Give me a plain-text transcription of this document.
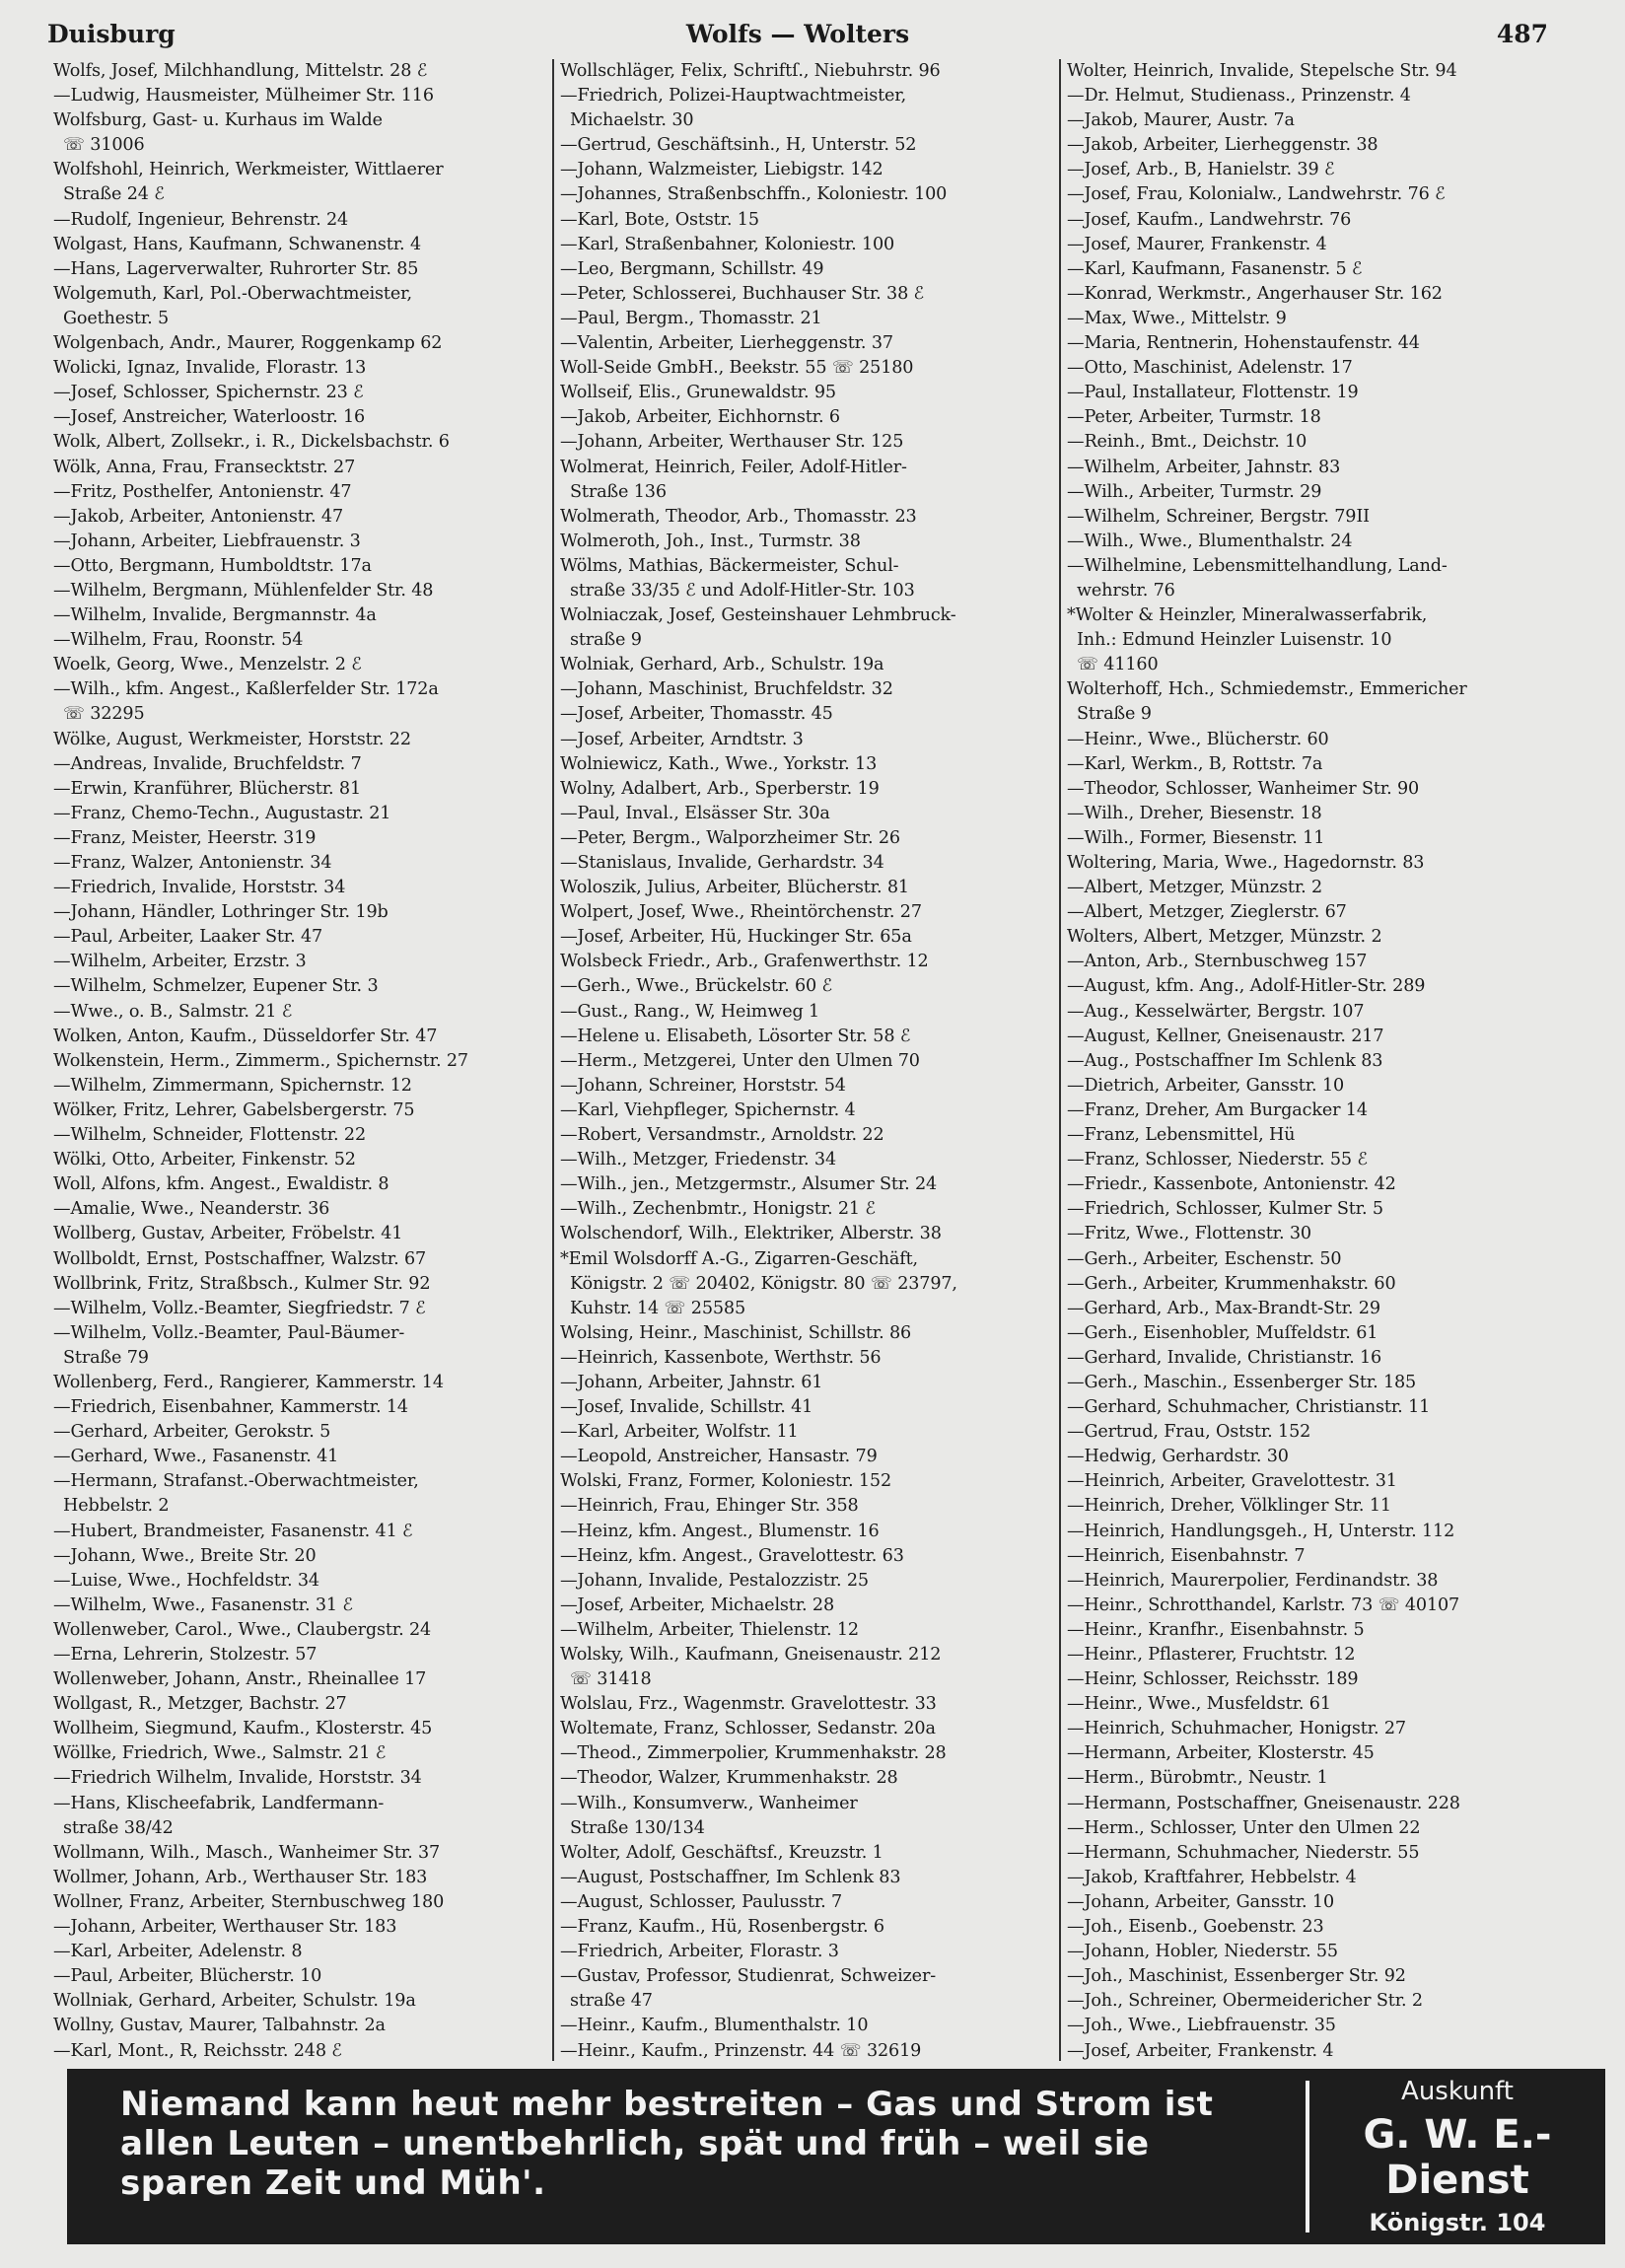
Duisburg	Wolfs — Wolters	487

Wolfs, Josef, Milchhandlung, Mittelstr. 28 ℰ

—Ludwig, Hausmeister, Mülheimer Str. 116

Wolfsburg, Gast- u. Kurhaus im Walde

☏ 31006

Wolfshohl, Heinrich, Werkmeister, Wittlaerer

Straße 24 ℰ

—Rudolf, Ingenieur, Behrenstr. 24

Wolgast, Hans, Kaufmann, Schwanenstr. 4

—Hans, Lagerverwalter, Ruhrorter Str. 85

Wolgemuth, Karl, Pol.-Oberwachtmeister,

Goethestr. 5

Wolgenbach, Andr., Maurer, Roggenkamp 62

Wolicki, Ignaz, Invalide, Florastr. 13

—Josef, Schlosser, Spichernstr. 23 ℰ

—Josef, Anstreicher, Waterloostr. 16

Wolk, Albert, Zollsekr., i. R., Dickelsbachstr. 6

Wölk, Anna, Frau, Fransecktstr. 27

—Fritz, Posthelfer, Antonienstr. 47

—Jakob, Arbeiter, Antonienstr. 47

—Johann, Arbeiter, Liebfrauenstr. 3

—Otto, Bergmann, Humboldtstr. 17a

—Wilhelm, Bergmann, Mühlenfelder Str. 48

—Wilhelm, Invalide, Bergmannstr. 4a

—Wilhelm, Frau, Roonstr. 54

Woelk, Georg, Wwe., Menzelstr. 2 ℰ

—Wilh., kfm. Angest., Kaßlerfelder Str. 172a

☏ 32295

Wölke, August, Werkmeister, Horststr. 22

—Andreas, Invalide, Bruchfeldstr. 7

—Erwin, Kranführer, Blücherstr. 81

—Franz, Chemo-Techn., Augustastr. 21

—Franz, Meister, Heerstr. 319

—Franz, Walzer, Antonienstr. 34

—Friedrich, Invalide, Horststr. 34

—Johann, Händler, Lothringer Str. 19b

—Paul, Arbeiter, Laaker Str. 47

—Wilhelm, Arbeiter, Erzstr. 3

—Wilhelm, Schmelzer, Eupener Str. 3

—Wwe., o. B., Salmstr. 21 ℰ

Wolken, Anton, Kaufm., Düsseldorfer Str. 47

Wolkenstein, Herm., Zimmerm., Spichernstr. 27

—Wilhelm, Zimmermann, Spichernstr. 12

Wölker, Fritz, Lehrer, Gabelsbergerstr. 75

—Wilhelm, Schneider, Flottenstr. 22

Wölki, Otto, Arbeiter, Finkenstr. 52

Woll, Alfons, kfm. Angest., Ewaldistr. 8

—Amalie, Wwe., Neanderstr. 36

Wollberg, Gustav, Arbeiter, Fröbelstr. 41

Wollboldt, Ernst, Postschaffner, Walzstr. 67

Wollbrink, Fritz, Straßbsch., Kulmer Str. 92

—Wilhelm, Vollz.-Beamter, Siegfriedstr. 7 ℰ

—Wilhelm, Vollz.-Beamter, Paul-Bäumer-

Straße 79

Wollenberg, Ferd., Rangierer, Kammerstr. 14

—Friedrich, Eisenbahner, Kammerstr. 14

—Gerhard, Arbeiter, Gerokstr. 5

—Gerhard, Wwe., Fasanenstr. 41

—Hermann, Strafanst.-Oberwachtmeister,

Hebbelstr. 2

—Hubert, Brandmeister, Fasanenstr. 41 ℰ

—Johann, Wwe., Breite Str. 20

—Luise, Wwe., Hochfeldstr. 34

—Wilhelm, Wwe., Fasanenstr. 31 ℰ

Wollenweber, Carol., Wwe., Claubergstr. 24

—Erna, Lehrerin, Stolzestr. 57

Wollenweber, Johann, Anstr., Rheinallee 17

Wollgast, R., Metzger, Bachstr. 27

Wollheim, Siegmund, Kaufm., Klosterstr. 45

Wöllke, Friedrich, Wwe., Salmstr. 21 ℰ

—Friedrich Wilhelm, Invalide, Horststr. 34

—Hans, Klischeefabrik, Landfermann-

straße 38/42

Wollmann, Wilh., Masch., Wanheimer Str. 37

Wollmer, Johann, Arb., Werthauser Str. 183

Wollner, Franz, Arbeiter, Sternbuschweg 180

—Johann, Arbeiter, Werthauser Str. 183

—Karl, Arbeiter, Adelenstr. 8

—Paul, Arbeiter, Blücherstr. 10

Wollniak, Gerhard, Arbeiter, Schulstr. 19a

Wollny, Gustav, Maurer, Talbahnstr. 2a

—Karl, Mont., R, Reichsstr. 248 ℰ

Wollschläger, Felix, Schriftſ., Niebuhrstr. 96

—Friedrich, Polizei-Hauptwachtmeister,

Michaelstr. 30

—Gertrud, Geschäftsinh., H, Unterstr. 52

—Johann, Walzmeister, Liebigstr. 142

—Johannes, Straßenbschffn., Koloniestr. 100

—Karl, Bote, Oststr. 15

—Karl, Straßenbahner, Koloniestr. 100

—Leo, Bergmann, Schillstr. 49

—Peter, Schlosserei, Buchhauser Str. 38 ℰ

—Paul, Bergm., Thomasstr. 21

—Valentin, Arbeiter, Lierheggenstr. 37

Woll-Seide GmbH., Beekstr. 55 ☏ 25180

Wollseif, Elis., Grunewaldstr. 95

—Jakob, Arbeiter, Eichhornstr. 6

—Johann, Arbeiter, Werthauser Str. 125

Wolmerat, Heinrich, Feiler, Adolf-Hitler-

Straße 136

Wolmerath, Theodor, Arb., Thomasstr. 23

Wolmeroth, Joh., Inst., Turmstr. 38

Wölms, Mathias, Bäckermeister, Schul-

straße 33/35 ℰ und Adolf-Hitler-Str. 103

Wolniaczak, Josef, Gesteinshauer Lehmbruck-

straße 9

Wolniak, Gerhard, Arb., Schulstr. 19a

—Johann, Maschinist, Bruchfeldstr. 32

—Josef, Arbeiter, Thomasstr. 45

—Josef, Arbeiter, Arndtstr. 3

Wolniewicz, Kath., Wwe., Yorkstr. 13

Wolny, Adalbert, Arb., Sperberstr. 19

—Paul, Inval., Elsässer Str. 30a

—Peter, Bergm., Walporzheimer Str. 26

—Stanislaus, Invalide, Gerhardstr. 34

Woloszik, Julius, Arbeiter, Blücherstr. 81

Wolpert, Josef, Wwe., Rheintörchenstr. 27

—Josef, Arbeiter, Hü, Huckinger Str. 65a

Wolsbeck Friedr., Arb., Grafenwerthstr. 12

—Gerh., Wwe., Brückelstr. 60 ℰ

—Gust., Rang., W, Heimweg 1

—Helene u. Elisabeth, Lösorter Str. 58 ℰ

—Herm., Metzgerei, Unter den Ulmen 70

—Johann, Schreiner, Horststr. 54

—Karl, Viehpfleger, Spichernstr. 4

—Robert, Versandmstr., Arnoldstr. 22

—Wilh., Metzger, Friedenstr. 34

—Wilh., jen., Metzgermstr., Alsumer Str. 24

—Wilh., Zechenbmtr., Honigstr. 21 ℰ

Wolschendorf, Wilh., Elektriker, Alberstr. 38

*Emil Wolsdorff A.-G., Zigarren-Geschäft,

Königstr. 2 ☏ 20402, Königstr. 80 ☏ 23797,

Kuhstr. 14 ☏ 25585

Wolsing, Heinr., Maschinist, Schillstr. 86

—Heinrich, Kassenbote, Werthstr. 56

—Johann, Arbeiter, Jahnstr. 61

—Josef, Invalide, Schillstr. 41

—Karl, Arbeiter, Wolfstr. 11

—Leopold, Anstreicher, Hansastr. 79

Wolski, Franz, Former, Koloniestr. 152

—Heinrich, Frau, Ehinger Str. 358

—Heinz, kfm. Angest., Blumenstr. 16

—Heinz, kfm. Angest., Gravelottestr. 63

—Johann, Invalide, Pestalozzistr. 25

—Josef, Arbeiter, Michaelstr. 28

—Wilhelm, Arbeiter, Thielenstr. 12

Wolsky, Wilh., Kaufmann, Gneisenaustr. 212

☏ 31418

Wolslau, Frz., Wagenmstr. Gravelottestr. 33

Woltemate, Franz, Schlosser, Sedanstr. 20a

—Theod., Zimmerpolier, Krummenhakstr. 28

—Theodor, Walzer, Krummenhakstr. 28

—Wilh., Konsumverw., Wanheimer

Straße 130/134

Wolter, Adolf, Geschäftsf., Kreuzstr. 1

—August, Postschaffner, Im Schlenk 83

—August, Schlosser, Paulusstr. 7

—Franz, Kaufm., Hü, Rosenbergstr. 6

—Friedrich, Arbeiter, Florastr. 3

—Gustav, Professor, Studienrat, Schweizer-

straße 47

—Heinr., Kaufm., Blumenthalstr. 10

—Heinr., Kaufm., Prinzenstr. 44 ☏ 32619

Wolter, Heinrich, Invalide, Stepelsche Str. 94

—Dr. Helmut, Studienass., Prinzenstr. 4

—Jakob, Maurer, Austr. 7a

—Jakob, Arbeiter, Lierheggenstr. 38

—Josef, Arb., B, Hanielstr. 39 ℰ

—Josef, Frau, Kolonialw., Landwehrstr. 76 ℰ

—Josef, Kaufm., Landwehrstr. 76

—Josef, Maurer, Frankenstr. 4

—Karl, Kaufmann, Fasanenstr. 5 ℰ

—Konrad, Werkmstr., Angerhauser Str. 162

—Max, Wwe., Mittelstr. 9

—Maria, Rentnerin, Hohenstaufenstr. 44

—Otto, Maschinist, Adelenstr. 17

—Paul, Installateur, Flottenstr. 19

—Peter, Arbeiter, Turmstr. 18

—Reinh., Bmt., Deichstr. 10

—Wilhelm, Arbeiter, Jahnstr. 83

—Wilh., Arbeiter, Turmstr. 29

—Wilhelm, Schreiner, Bergstr. 79II

—Wilh., Wwe., Blumenthalstr. 24

—Wilhelmine, Lebensmittelhandlung, Land-

wehrstr. 76

*Wolter & Heinzler, Mineralwasserfabrik,

Inh.: Edmund Heinzler Luisenstr. 10

☏ 41160

Wolterhoff, Hch., Schmiedemstr., Emmericher

Straße 9

—Heinr., Wwe., Blücherstr. 60

—Karl, Werkm., B, Rottstr. 7a

—Theodor, Schlosser, Wanheimer Str. 90

—Wilh., Dreher, Biesenstr. 18

—Wilh., Former, Biesenstr. 11

Woltering, Maria, Wwe., Hagedornstr. 83

—Albert, Metzger, Münzstr. 2

—Albert, Metzger, Zieglerstr. 67

Wolters, Albert, Metzger, Münzstr. 2

—Anton, Arb., Sternbuschweg 157

—August, kfm. Ang., Adolf-Hitler-Str. 289

—Aug., Kesselwärter, Bergstr. 107

—August, Kellner, Gneisenaustr. 217

—Aug., Postschaffner Im Schlenk 83

—Dietrich, Arbeiter, Gansstr. 10

—Franz, Dreher, Am Burgacker 14

—Franz, Lebensmittel, Hü

—Franz, Schlosser, Niederstr. 55 ℰ

—Friedr., Kassenbote, Antonienstr. 42

—Friedrich, Schlosser, Kulmer Str. 5

—Fritz, Wwe., Flottenstr. 30

—Gerh., Arbeiter, Eschenstr. 50

—Gerh., Arbeiter, Krummenhakstr. 60

—Gerhard, Arb., Max-Brandt-Str. 29

—Gerh., Eisenhobler, Muſfeldstr. 61

—Gerhard, Invalide, Christianstr. 16

—Gerh., Maschin., Essenberger Str. 185

—Gerhard, Schuhmacher, Christianstr. 11

—Gertrud, Frau, Oststr. 152

—Hedwig, Gerhardstr. 30

—Heinrich, Arbeiter, Gravelottestr. 31

—Heinrich, Dreher, Völklinger Str. 11

—Heinrich, Handlungsgeh., H, Unterstr. 112

—Heinrich, Eisenbahnstr. 7

—Heinrich, Maurerpolier, Ferdinandstr. 38

—Heinr., Schrotthandel, Karlstr. 73 ☏ 40107

—Heinr., Kranfhr., Eisenbahnstr. 5

—Heinr., Pflasterer, Fruchtstr. 12

—Heinr, Schlosser, Reichsstr. 189

—Heinr., Wwe., Musfeldstr. 61

—Heinrich, Schuhmacher, Honigstr. 27

—Hermann, Arbeiter, Klosterstr. 45

—Herm., Bürobmtr., Neustr. 1

—Hermann, Postschaffner, Gneisenaustr. 228

—Herm., Schlosser, Unter den Ulmen 22

—Hermann, Schuhmacher, Niederstr. 55

—Jakob, Kraftfahrer, Hebbelstr. 4

—Johann, Arbeiter, Gansstr. 10

—Joh., Eisenb., Goebenstr. 23

—Johann, Hobler, Niederstr. 55

—Joh., Maschinist, Essenberger Str. 92

—Joh., Schreiner, Obermeidericher Str. 2

—Joh., Wwe., Liebfrauenstr. 35

—Josef, Arbeiter, Frankenstr. 4

Niemand kann heut mehr bestreiten – Gas und Strom ist
allen Leuten – unentbehrlich, spät und früh – weil sie
sparen Zeit und Müh'.
Auskunft
G. W. E.-Dienst
Königstr. 104
